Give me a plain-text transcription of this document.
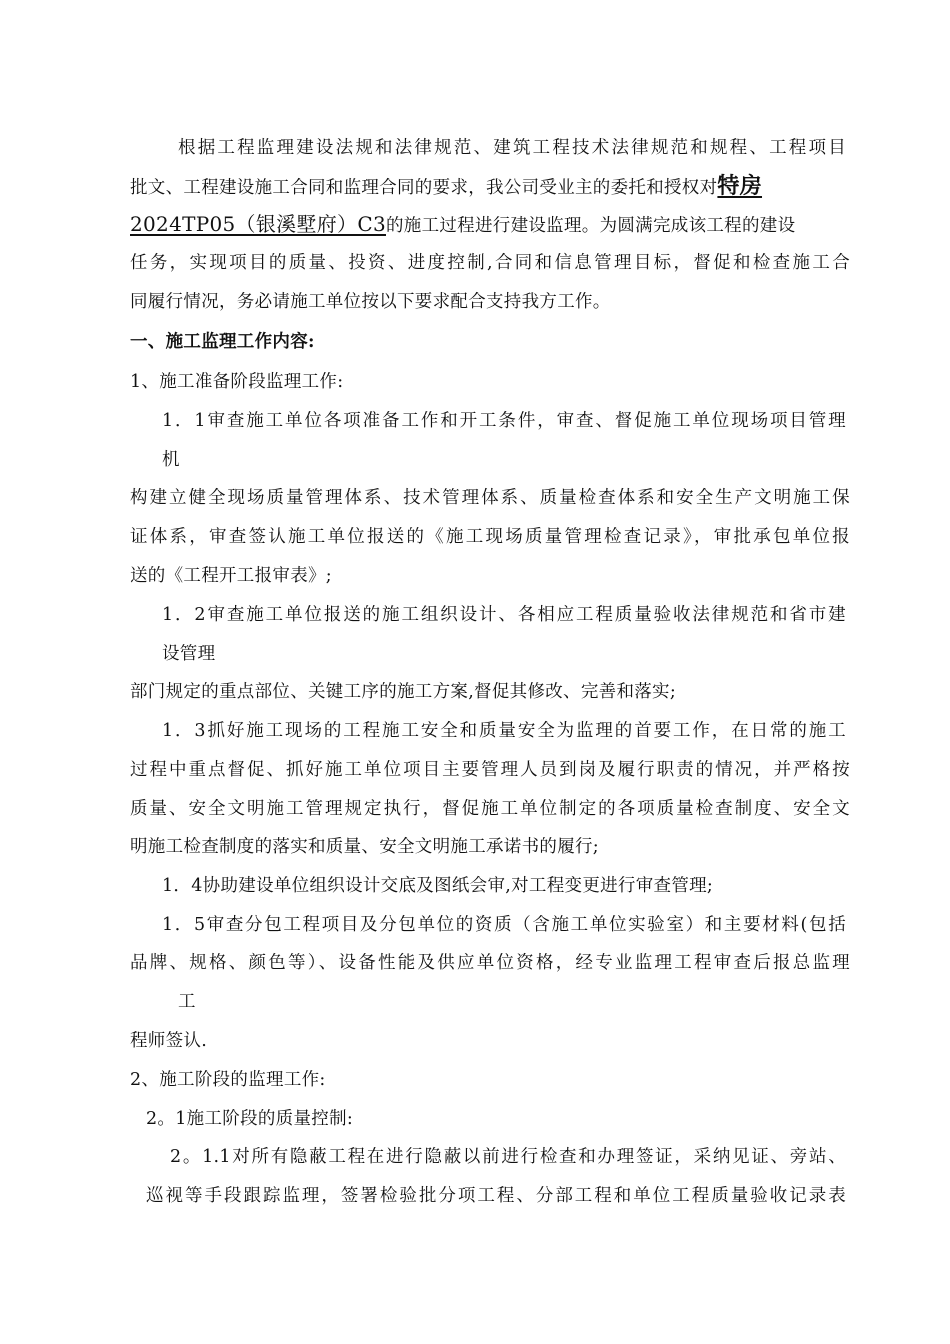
根据工程监理建设法规和法律规范、建筑工程技术法律规范和规程、工程项目
批文、工程建设施工合同和监理合同的要求，我公司受业主的委托和授权对特房
2024TP05（银溪墅府）C3的施工过程进行建设监理。为圆满完成该工程的建设
任务，实现项目的质量、投资、进度控制,合同和信息管理目标，督促和检查施工合
同履行情况，务必请施工单位按以下要求配合支持我方工作。
一、施工监理工作内容:
1、施工准备阶段监理工作:
1．1审查施工单位各项准备工作和开工条件，审查、督促施工单位现场项目管理
机
构建立健全现场质量管理体系、技术管理体系、质量检查体系和安全生产文明施工保
证体系，审查签认施工单位报送的《施工现场质量管理检查记录》，审批承包单位报
送的《工程开工报审表》;
1．2审查施工单位报送的施工组织设计、各相应工程质量验收法律规范和省市建
设管理
部门规定的重点部位、关键工序的施工方案,督促其修改、完善和落实;
1．3抓好施工现场的工程施工安全和质量安全为监理的首要工作，在日常的施工
过程中重点督促、抓好施工单位项目主要管理人员到岗及履行职责的情况，并严格按
质量、安全文明施工管理规定执行，督促施工单位制定的各项质量检查制度、安全文
明施工检查制度的落实和质量、安全文明施工承诺书的履行;
1．4协助建设单位组织设计交底及图纸会审,对工程变更进行审查管理;
1．5审查分包工程项目及分包单位的资质（含施工单位实验室）和主要材料(包括
品牌、规格、颜色等）、设备性能及供应单位资格，经专业监理工程审查后报总监理
工
程师签认.
2、施工阶段的监理工作:
2。1施工阶段的质量控制:
2。1.1对所有隐蔽工程在进行隐蔽以前进行检查和办理签证，采纳见证、旁站、
巡视等手段跟踪监理，签署检验批分项工程、分部工程和单位工程质量验收记录表
